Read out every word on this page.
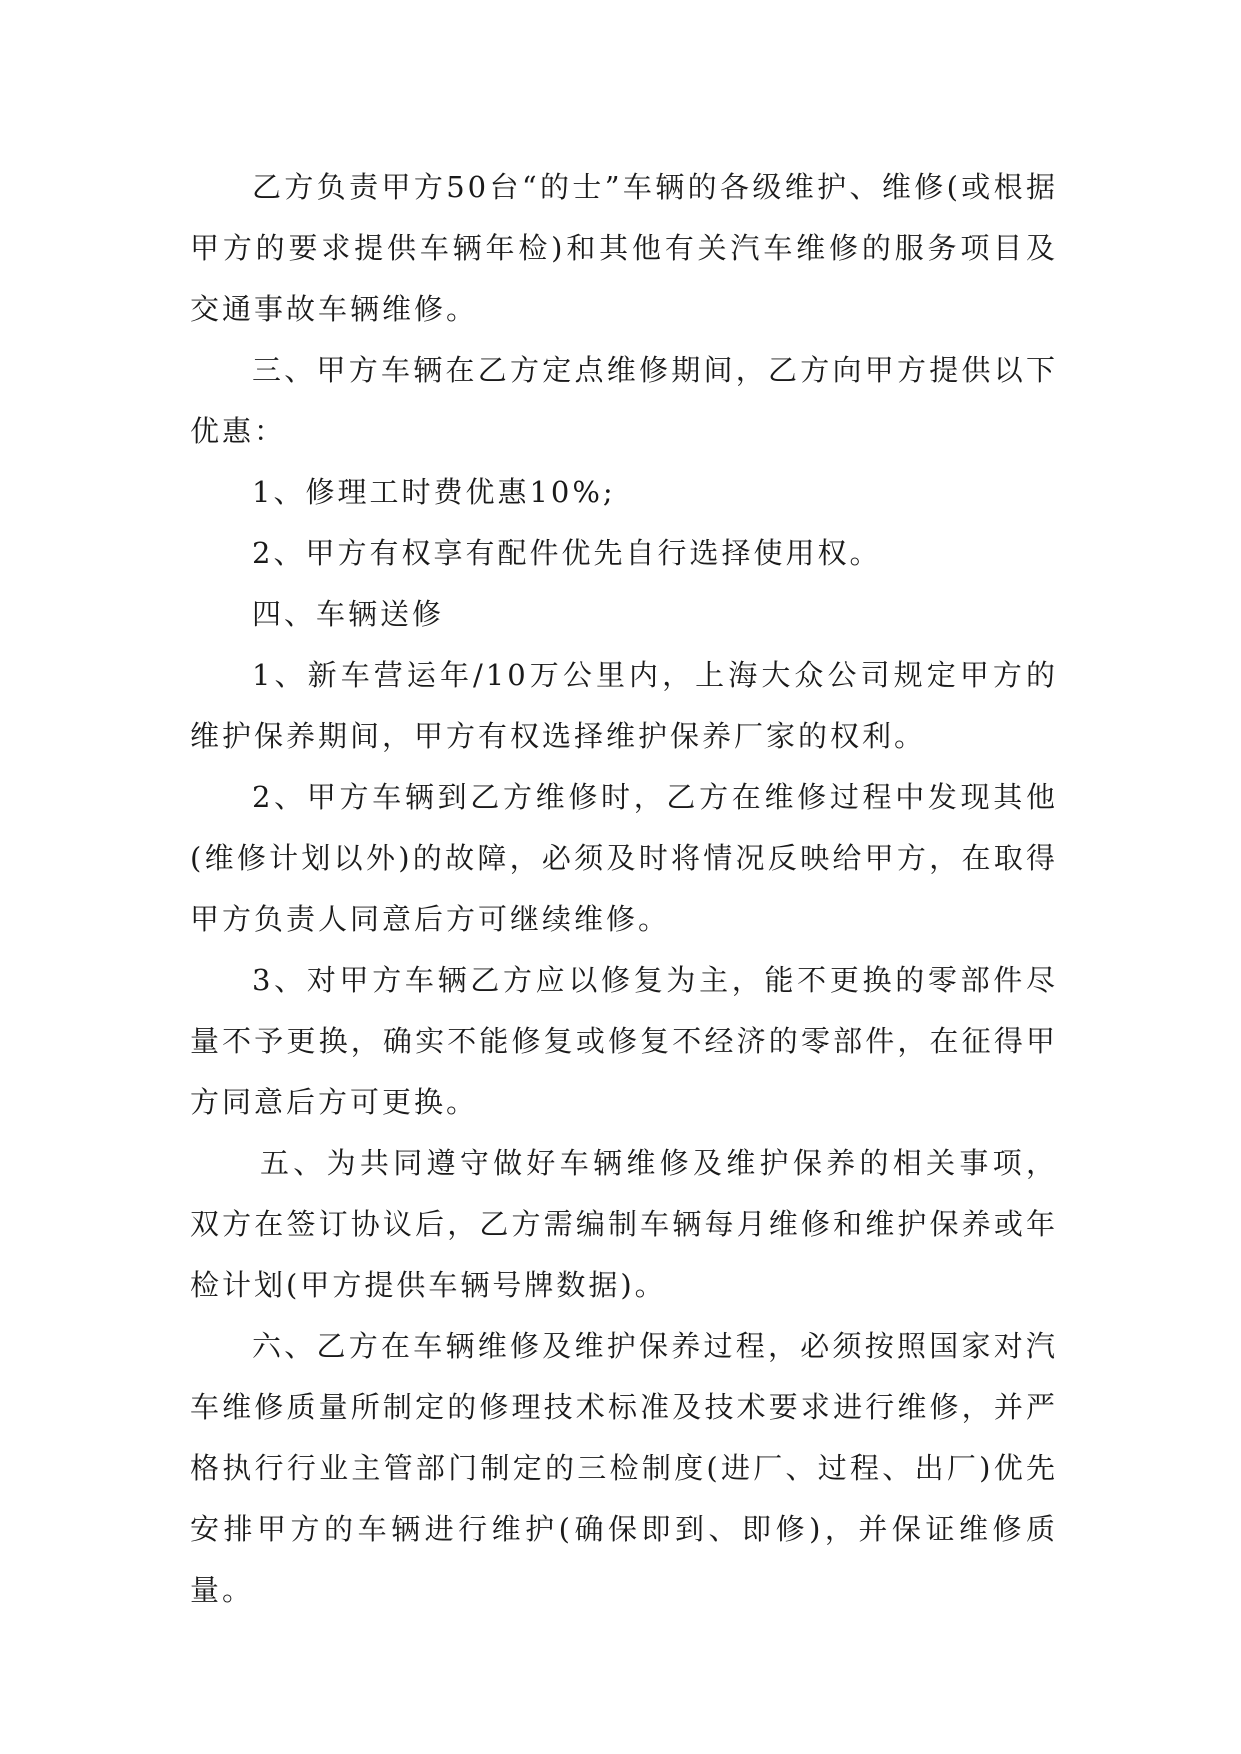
乙方负责甲方50台“的士”车辆的各级维护、维修(或根据甲方的要求提供车辆年检)和其他有关汽车维修的服务项目及交通事故车辆维修。

三、甲方车辆在乙方定点维修期间，乙方向甲方提供以下优惠：

1、修理工时费优惠10%;

2、甲方有权享有配件优先自行选择使用权。

四、车辆送修

1、新车营运年/10万公里内，上海大众公司规定甲方的维护保养期间，甲方有权选择维护保养厂家的权利。

2、甲方车辆到乙方维修时，乙方在维修过程中发现其他(维修计划以外)的故障，必须及时将情况反映给甲方，在取得甲方负责人同意后方可继续维修。

3、对甲方车辆乙方应以修复为主，能不更换的零部件尽量不予更换，确实不能修复或修复不经济的零部件，在征得甲方同意后方可更换。

五、为共同遵守做好车辆维修及维护保养的相关事项，双方在签订协议后，乙方需编制车辆每月维修和维护保养或年检计划(甲方提供车辆号牌数据)。

六、乙方在车辆维修及维护保养过程，必须按照国家对汽车维修质量所制定的修理技术标准及技术要求进行维修，并严格执行行业主管部门制定的三检制度(进厂、过程、出厂)优先安排甲方的车辆进行维护(确保即到、即修)，并保证维修质量。
